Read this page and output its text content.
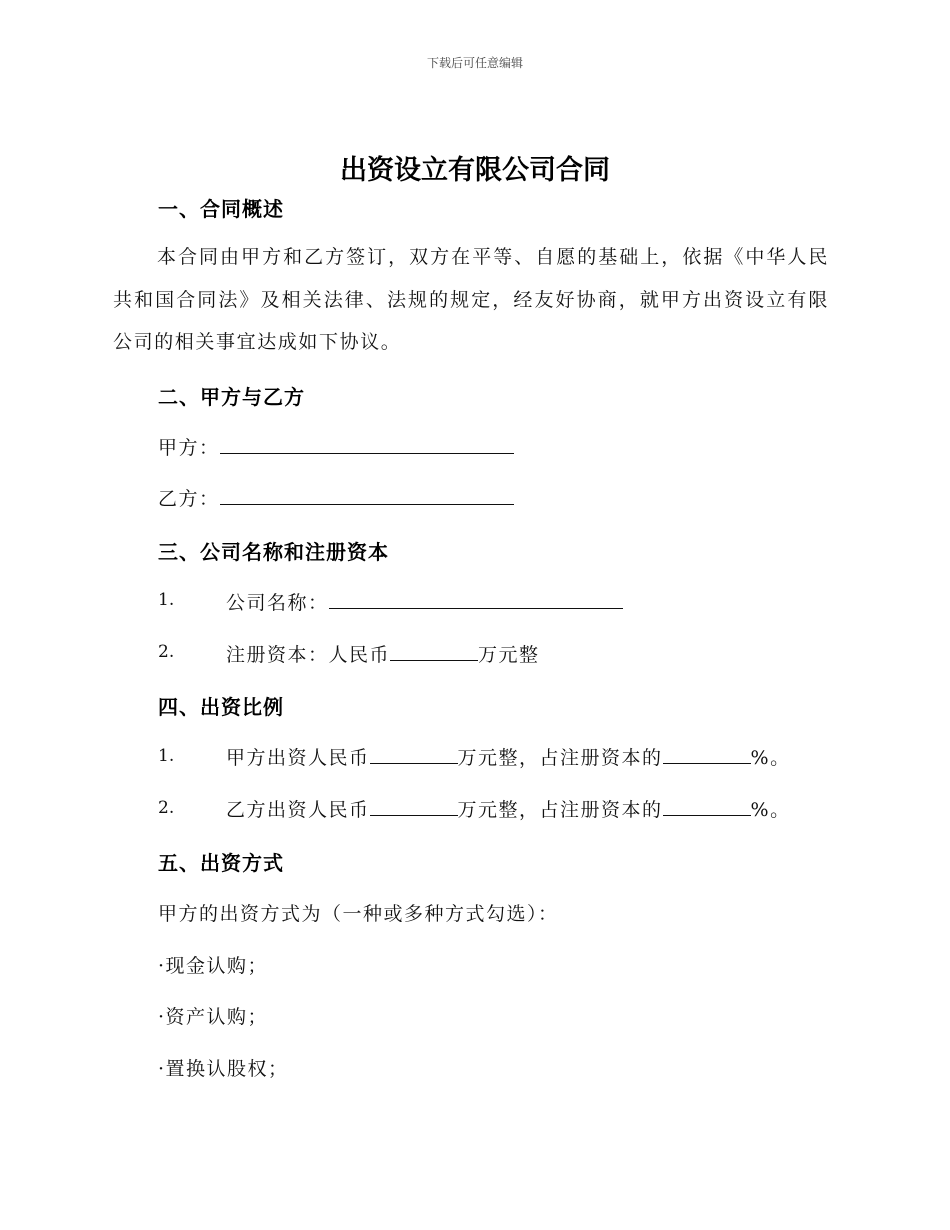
下载后可任意编辑
出资设立有限公司合同
一、合同概述
本合同由甲方和乙方签订，双方在平等、自愿的基础上，依据《中华人民共和国合同法》及相关法律、法规的规定，经友好协商，就甲方出资设立有限公司的相关事宜达成如下协议。
二、甲方与乙方
甲方：
乙方：
三、公司名称和注册资本
1.	公司名称：
2.	注册资本：人民币	万元整
四、出资比例
1.	甲方出资人民币	万元整，占注册资本的	%。
2.	乙方出资人民币	万元整，占注册资本的	%。
五、出资方式
甲方的出资方式为（一种或多种方式勾选）：
·现金认购；
·资产认购；
·置换认股权；
